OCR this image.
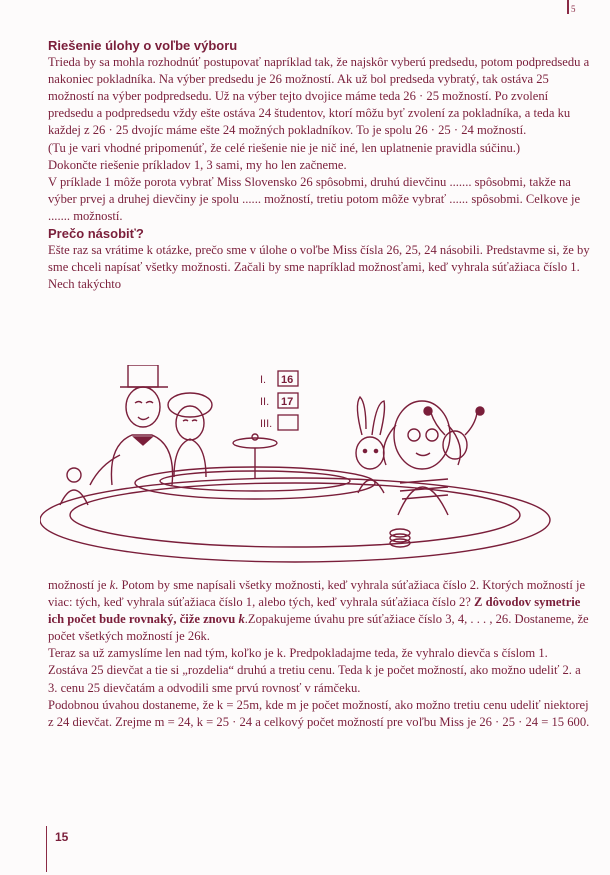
5

Riešenie úlohy o voľbe výboru

Trieda by sa mohla rozhodnúť postupovať napríklad tak, že najskôr vyberú predsedu, potom podpredsedu a nakoniec pokladníka. Na výber predsedu je 26 možností. Ak už bol predseda vybratý, tak ostáva 25 možností na výber podpredsedu. Už na výber tejto dvojice máme teda 26 · 25 možností. Po zvolení predsedu a podpredsedu vždy ešte ostáva 24 študentov, ktorí môžu byť zvolení za pokladníka, a teda ku každej z 26 · 25 dvojíc máme ešte 24 možných pokladníkov. To je spolu 26 · 25 · 24 možností.

(Tu je vari vhodné pripomenúť, že celé riešenie nie je nič iné, len uplatnenie pravidla súčinu.)

Dokončte riešenie príkladov 1, 3 sami, my ho len začneme.

V príklade 1 môže porota vybrať Miss Slovensko 26 spôsobmi, druhú dievčinu ....... spôsobmi, takže na výber prvej a druhej dievčiny je spolu ...... možností, tretiu potom môže vybrať ...... spôsobmi. Celkove je ....... možností.

Prečo násobiť?

Ešte raz sa vrátime k otázke, prečo sme v úlohe o voľbe Miss čísla 26, 25, 24 násobili. Predstavme si, že by sme chceli napísať všetky možnosti. Začali by sme napríklad možnosťami, keď vyhrala súťažiaca číslo 1. Nech takýchto

I. 16
II. 17
III.

možností je k. Potom by sme napísali všetky možnosti, keď vyhrala súťažiaca číslo 2. Ktorých možností je viac: tých, keď vyhrala súťažiaca číslo 1, alebo tých, keď vyhrala súťažiaca číslo 2? Z dôvodov symetrie ich počet bude rovnaký, čiže znovu k.Zopakujeme úvahu pre súťažiace číslo 3, 4, . . . , 26. Dostaneme, že počet všetkých možností je 26k.

Teraz sa už zamyslíme len nad tým, koľko je k. Predpokladajme teda, že vyhralo dievča s číslom 1. Zostáva 25 dievčat a tie si „rozdelia“ druhú a tretiu cenu. Teda k je počet možností, ako možno udeliť 2. a 3. cenu 25 dievčatám a odvodili sme prvú rovnosť v rámčeku.

Podobnou úvahou dostaneme, že k = 25m, kde m je počet možností, ako možno tretiu cenu udeliť niektorej z 24 dievčat. Zrejme m = 24, k = 25 · 24 a celkový počet možností pre voľbu Miss je 26 · 25 · 24 = 15 600.

15
